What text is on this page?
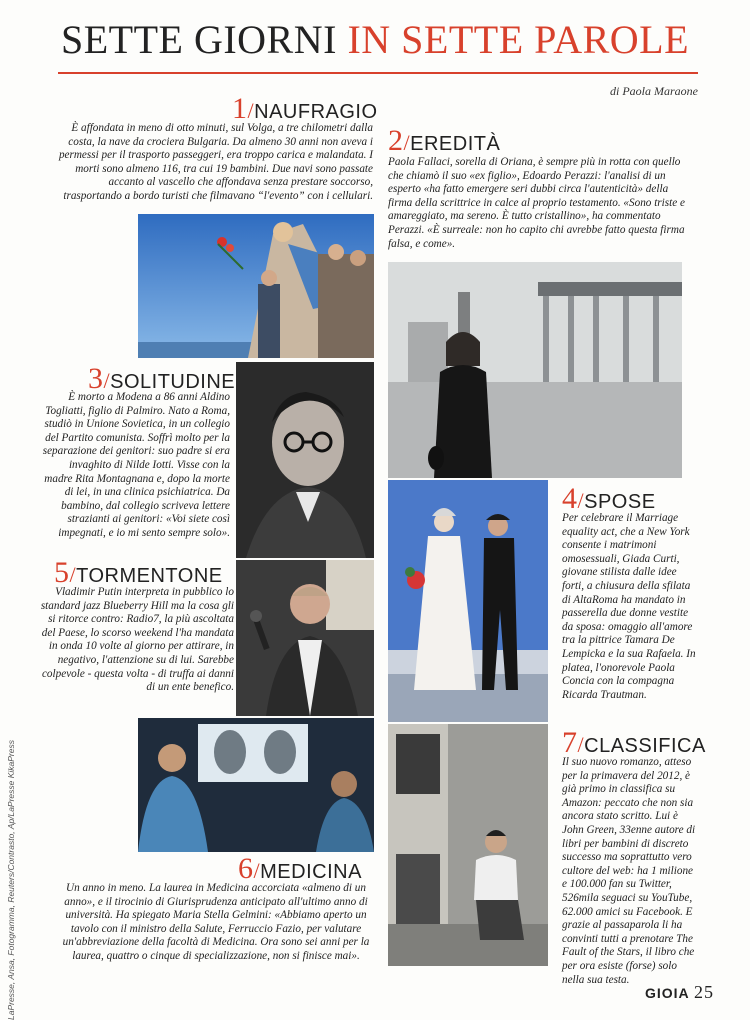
SETTE GIORNI IN SETTE PAROLE
di Paola Maraone
1/NAUFRAGIO
È affondata in meno di otto minuti, sul Volga, a tre chilometri dalla costa, la nave da crociera Bulgaria. Da almeno 30 anni non aveva i permessi per il trasporto passeggeri, era troppo carica e malandata. I morti sono almeno 116, tra cui 19 bambini. Due navi sono passate accanto al vascello che affondava senza prestare soccorso, trasportando a bordo turisti che filmavano “l'evento” con i cellulari.
2/EREDITÀ
Paola Fallaci, sorella di Oriana, è sempre più in rotta con quello che chiamò il suo «ex figlio», Edoardo Perazzi: l'analisi di un esperto «ha fatto emergere seri dubbi circa l'autenticità» della firma della scrittrice in calce al proprio testamento. «Sono triste e amareggiato, ma sereno. È tutto cristallino», ha commentato Perazzi. «È surreale: non ho capito chi avrebbe fatto questa firma falsa, e come».
3/SOLITUDINE
È morto a Modena a 86 anni Aldino Togliatti, figlio di Palmiro. Nato a Roma, studiò in Unione Sovietica, in un collegio del Partito comunista. Soffrì molto per la separazione dei genitori: suo padre si era invaghito di Nilde Iotti. Visse con la madre Rita Montagnana e, dopo la morte di lei, in una clinica psichiatrica. Da bambino, dal collegio scriveva lettere strazianti ai genitori: «Voi siete così impegnati, e io mi sento sempre solo».
4/SPOSE
Per celebrare il Marriage equality act, che a New York consente i matrimoni omosessuali, Giada Curti, giovane stilista dalle idee forti, a chiusura della sfilata di AltaRoma ha mandato in passerella due donne vestite da sposa: omaggio all'amore tra la pittrice Tamara De Lempicka e la sua Rafaela. In platea, l'onorevole Paola Concia con la compagna Ricarda Trautman.
5/TORMENTONE
Vladimir Putin interpreta in pubblico lo standard jazz Blueberry Hill ma la cosa gli si ritorce contro: Radio7, la più ascoltata del Paese, lo scorso weekend l'ha mandata in onda 10 volte al giorno per attirare, in negativo, l'attenzione su di lui. Sarebbe colpevole - questa volta - di truffa ai danni di un ente benefico.
6/MEDICINA
Un anno in meno. La laurea in Medicina accorciata «almeno di un anno», e il tirocinio di Giurisprudenza anticipato all'ultimo anno di università. Ha spiegato Maria Stella Gelmini: «Abbiamo aperto un tavolo con il ministro della Salute, Ferruccio Fazio, per valutare un'abbreviazione della facoltà di Medicina. Ora sono sei anni per la laurea, quattro o cinque di specializzazione, non si finisce mai».
7/CLASSIFICA
Il suo nuovo romanzo, atteso per la primavera del 2012, è già primo in classifica su Amazon: peccato che non sia ancora stato scritto. Lui è John Green, 33enne autore di libri per bambini di discreto successo ma soprattutto vero cultore del web: ha 1 milione e 100.000 fan su Twitter, 526mila seguaci su YouTube, 62.000 amici su Facebook. E grazie al passaparola li ha convinti tutti a prenotare The Fault of the Stars, il libro che per ora esiste (forse) solo nella sua testa.
LaPresse, Ansa, Fotogramma, Reuters/Contrasto, Ap/LaPresse KikaPress	GIOIA 25
